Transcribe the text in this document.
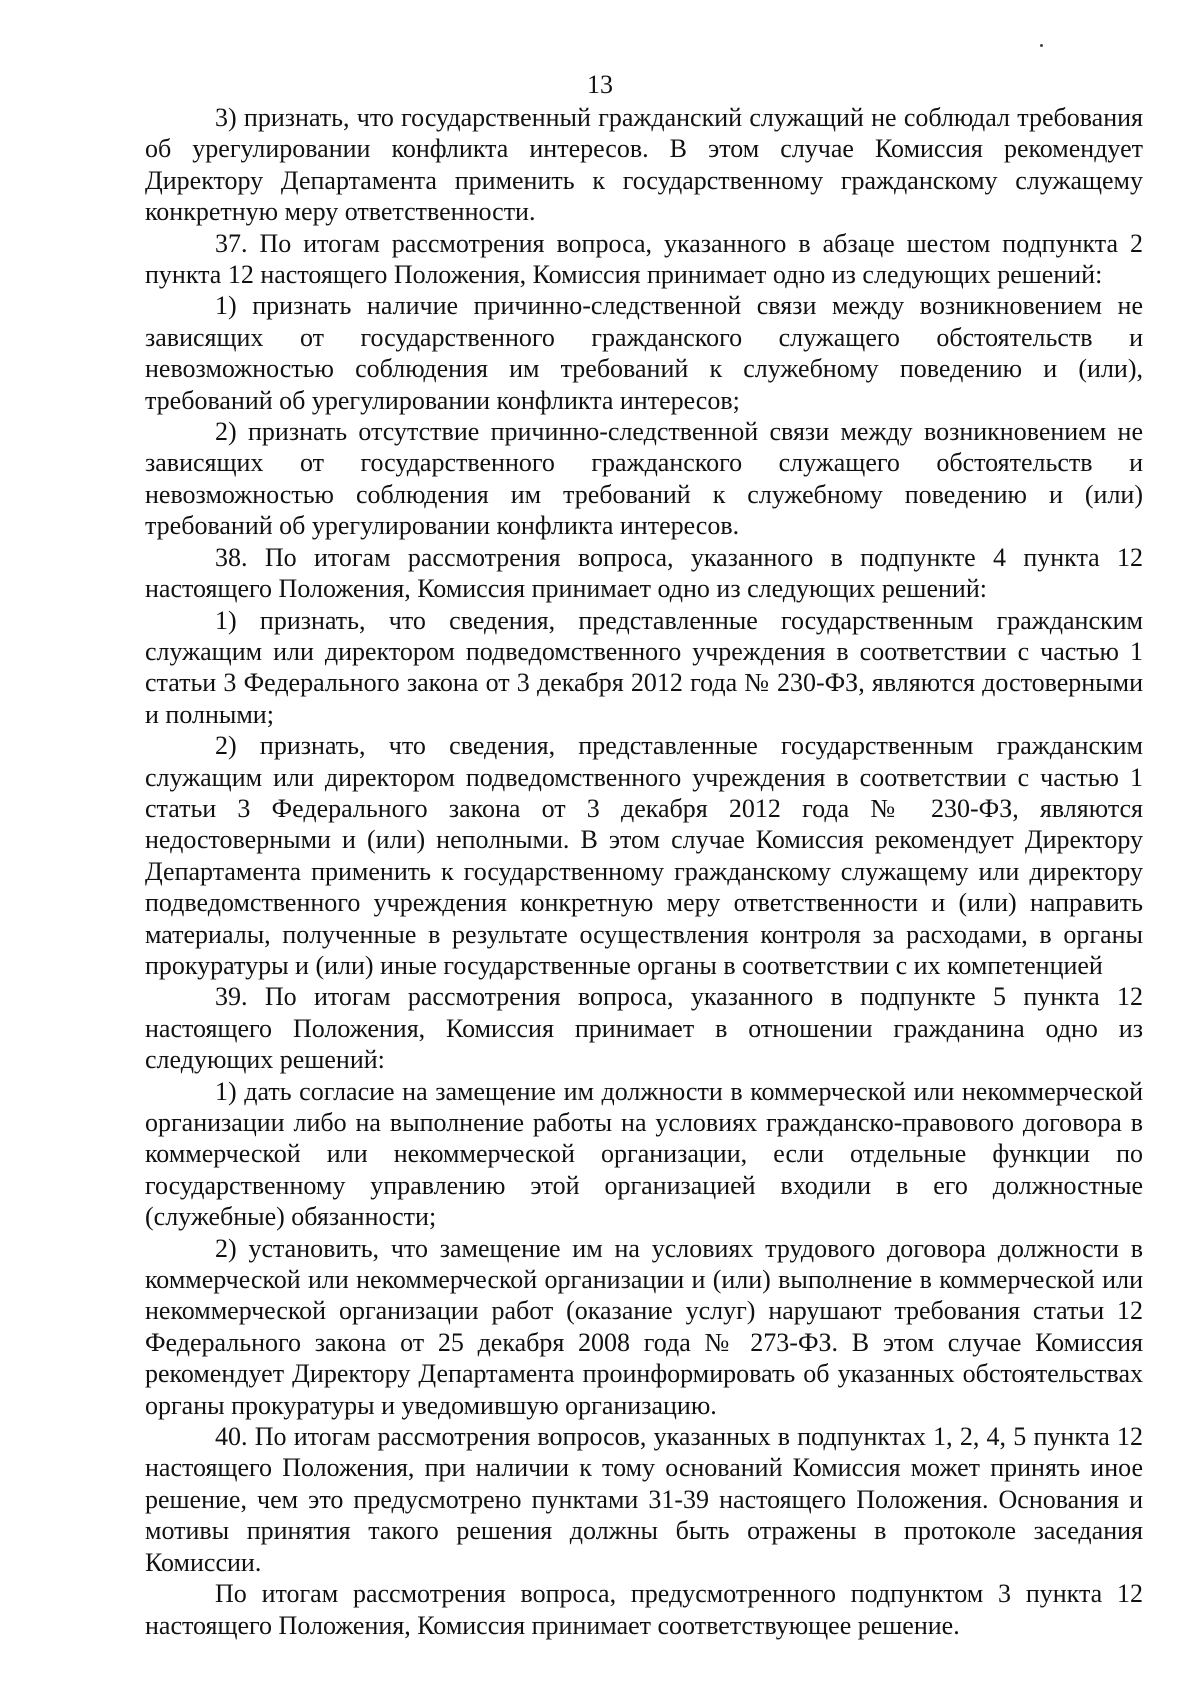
13

3) признать, что государственный гражданский служащий не соблюдал требования об урегулировании конфликта интересов. В этом случае Комиссия рекомендует Директору Департамента применить к государственному гражданскому служащему конкретную меру ответственности.

37. По итогам рассмотрения вопроса, указанного в абзаце шестом подпункта 2 пункта 12 настоящего Положения, Комиссия принимает одно из следующих решений:

1) признать наличие причинно-следственной связи между возникновением не зависящих от государственного гражданского служащего обстоятельств и невозможностью соблюдения им требований к служебному поведению и (или), требований об урегулировании конфликта интересов;

2) признать отсутствие причинно-следственной связи между возникновением не зависящих от государственного гражданского служащего обстоятельств и невозможностью соблюдения им требований к служебному поведению и (или) требований об урегулировании конфликта интересов.

38. По итогам рассмотрения вопроса, указанного в подпункте 4 пункта 12 настоящего Положения, Комиссия принимает одно из следующих решений:

1) признать, что сведения, представленные государственным гражданским служащим или директором подведомственного учреждения в соответствии с частью 1 статьи 3 Федерального закона от 3 декабря 2012 года № 230-ФЗ, являются достоверными и полными;

2) признать, что сведения, представленные государственным гражданским служащим или директором подведомственного учреждения в соответствии с частью 1 статьи 3 Федерального закона от 3 декабря 2012 года № 230-ФЗ, являются недостоверными и (или) неполными. В этом случае Комиссия рекомендует Директору Департамента применить к государственному гражданскому служащему или директору подведомственного учреждения конкретную меру ответственности и (или) направить материалы, полученные в результате осуществления контроля за расходами, в органы прокуратуры и (или) иные государственные органы в соответствии с их компетенцией

39. По итогам рассмотрения вопроса, указанного в подпункте 5 пункта 12 настоящего Положения, Комиссия принимает в отношении гражданина одно из следующих решений:

1) дать согласие на замещение им должности в коммерческой или некоммерческой организации либо на выполнение работы на условиях гражданско-правового договора в коммерческой или некоммерческой организации, если отдельные функции по государственному управлению этой организацией входили в его должностные (служебные) обязанности;

2) установить, что замещение им на условиях трудового договора должности в коммерческой или некоммерческой организации и (или) выполнение в коммерческой или некоммерческой организации работ (оказание услуг) нарушают требования статьи 12 Федерального закона от 25 декабря 2008 года № 273-ФЗ. В этом случае Комиссия рекомендует Директору Департамента проинформировать об указанных обстоятельствах органы прокуратуры и уведомившую организацию.

40. По итогам рассмотрения вопросов, указанных в подпунктах 1, 2, 4, 5 пункта 12 настоящего Положения, при наличии к тому оснований Комиссия может принять иное решение, чем это предусмотрено пунктами 31-39 настоящего Положения. Основания и мотивы принятия такого решения должны быть отражены в протоколе заседания Комиссии.

По итогам рассмотрения вопроса, предусмотренного подпунктом 3 пункта 12 настоящего Положения, Комиссия принимает соответствующее решение.
